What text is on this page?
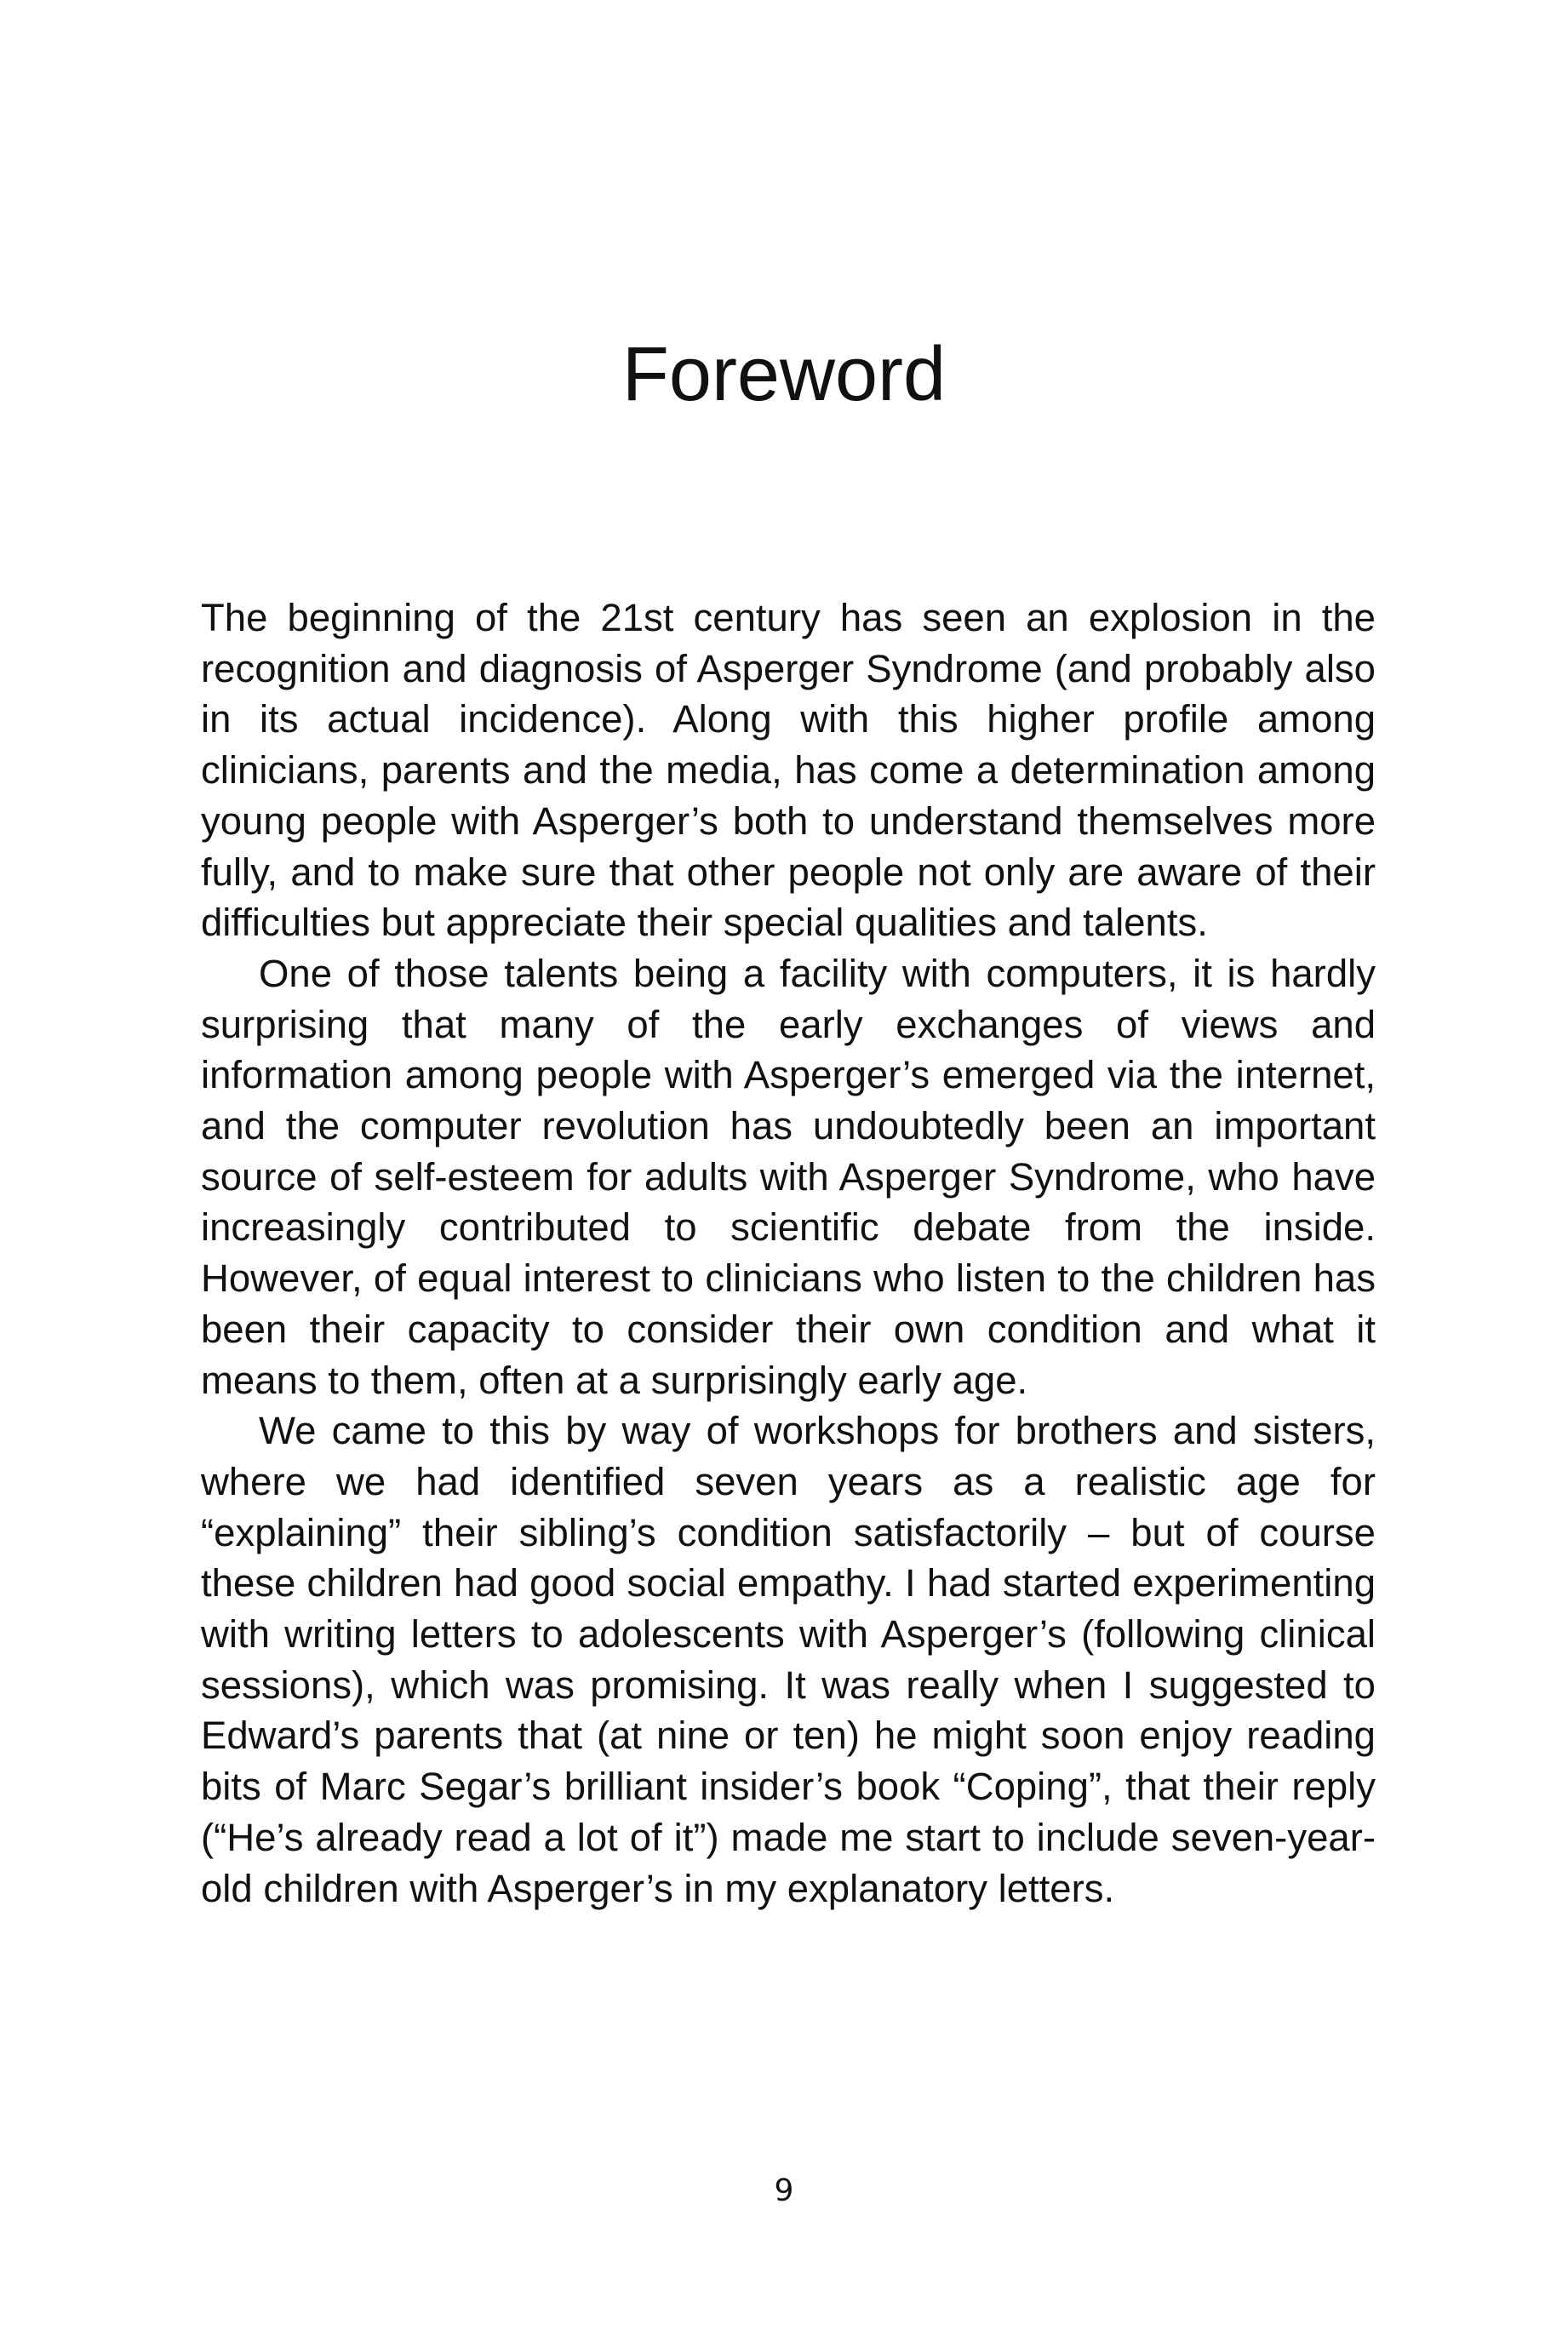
Foreword

The beginning of the 21st century has seen an explosion in the recognition and diagnosis of Asperger Syndrome (and probably also in its actual incidence). Along with this higher profile among clinicians, parents and the media, has come a determination among young people with Asperger’s both to understand themselves more fully, and to make sure that other people not only are aware of their difficulties but appreciate their special qualities and talents.

One of those talents being a facility with computers, it is hardly surprising that many of the early exchanges of views and information among people with Asperger’s emerged via the internet, and the computer revolution has undoubtedly been an important source of self-esteem for adults with Asperger Syndrome, who have increasingly contributed to scientific debate from the inside. However, of equal interest to clinicians who listen to the children has been their capacity to consider their own condition and what it means to them, often at a surprisingly early age.

We came to this by way of workshops for brothers and sisters, where we had identified seven years as a realistic age for “explaining” their sibling’s condition satisfactorily – but of course these children had good social empathy. I had started experimenting with writing letters to adolescents with Asperger’s (following clinical sessions), which was promising. It was really when I suggested to Edward’s parents that (at nine or ten) he might soon enjoy reading bits of Marc Segar’s brilliant insider’s book “Coping”, that their reply (“He’s already read a lot of it”) made me start to include seven-year-old children with Asperger’s in my explanatory letters.

9
